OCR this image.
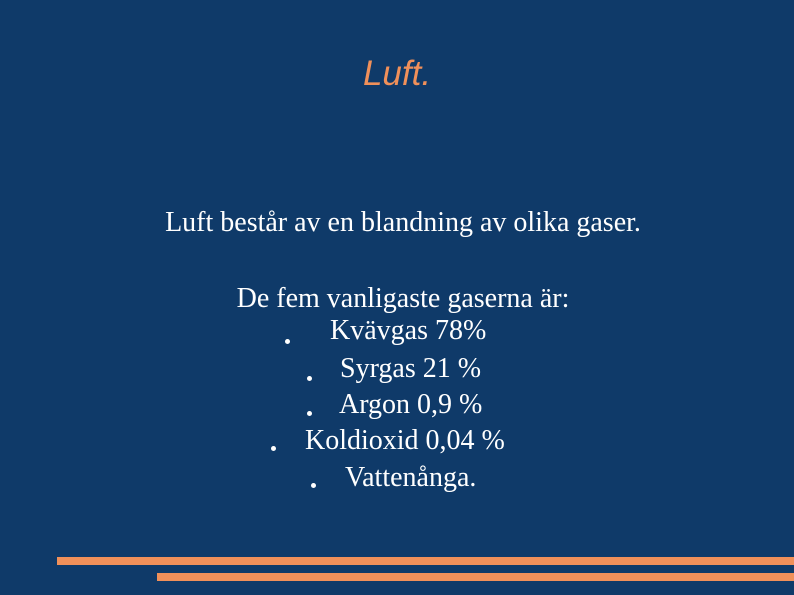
Luft.
Luft består av en blandning av olika gaser.
De fem vanligaste gaserna är:
Kvävgas 78%
Syrgas 21 %
Argon 0,9 %
Koldioxid 0,04 %
Vattenånga.
